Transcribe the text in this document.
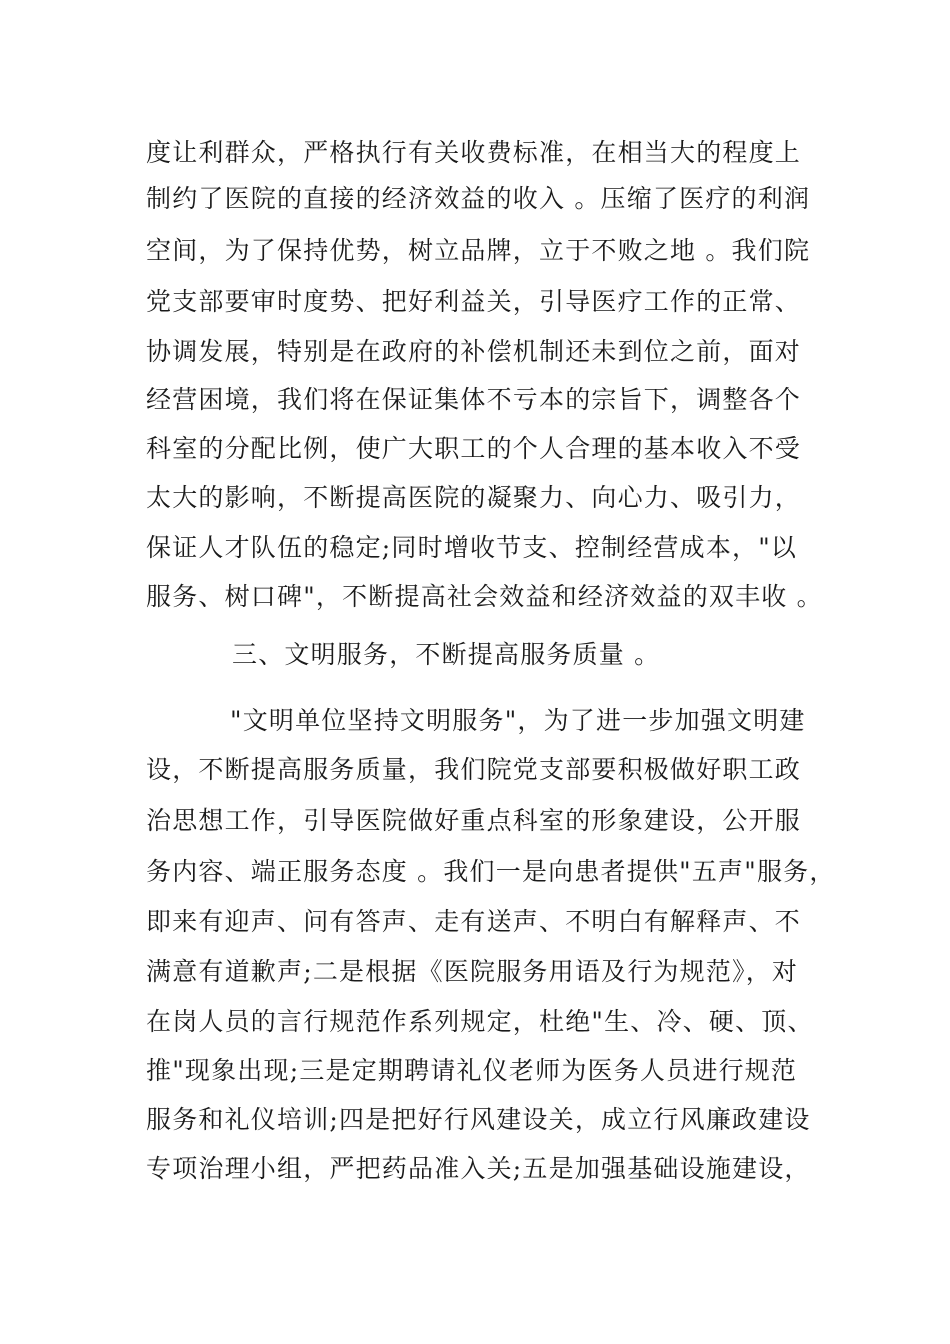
度让利群众，严格执行有关收费标准，在相当大的程度上
制约了医院的直接的经济效益的收入 。压缩了医疗的利润
空间，为了保持优势，树立品牌，立于不败之地 。我们院
党支部要审时度势、把好利益关，引导医疗工作的正常、
协调发展，特别是在政府的补偿机制还未到位之前，面对
经营困境，我们将在保证集体不亏本的宗旨下，调整各个
科室的分配比例，使广大职工的个人合理的基本收入不受
太大的影响，不断提高医院的凝聚力、向心力、吸引力，
保证人才队伍的稳定;同时增收节支、控制经营成本，"以
服务、树口碑"，不断提高社会效益和经济效益的双丰收 。
三、文明服务，不断提高服务质量 。
"文明单位坚持文明服务"，为了进一步加强文明建
设，不断提高服务质量，我们院党支部要积极做好职工政
治思想工作，引导医院做好重点科室的形象建设，公开服
务内容、端正服务态度 。我们一是向患者提供"五声"服务，
即来有迎声、问有答声、走有送声、不明白有解释声、不
满意有道歉声;二是根据《医院服务用语及行为规范》，对
在岗人员的言行规范作系列规定，杜绝"生、冷、硬、顶、
推"现象出现;三是定期聘请礼仪老师为医务人员进行规范
服务和礼仪培训;四是把好行风建设关，成立行风廉政建设
专项治理小组，严把药品准入关;五是加强基础设施建设，
